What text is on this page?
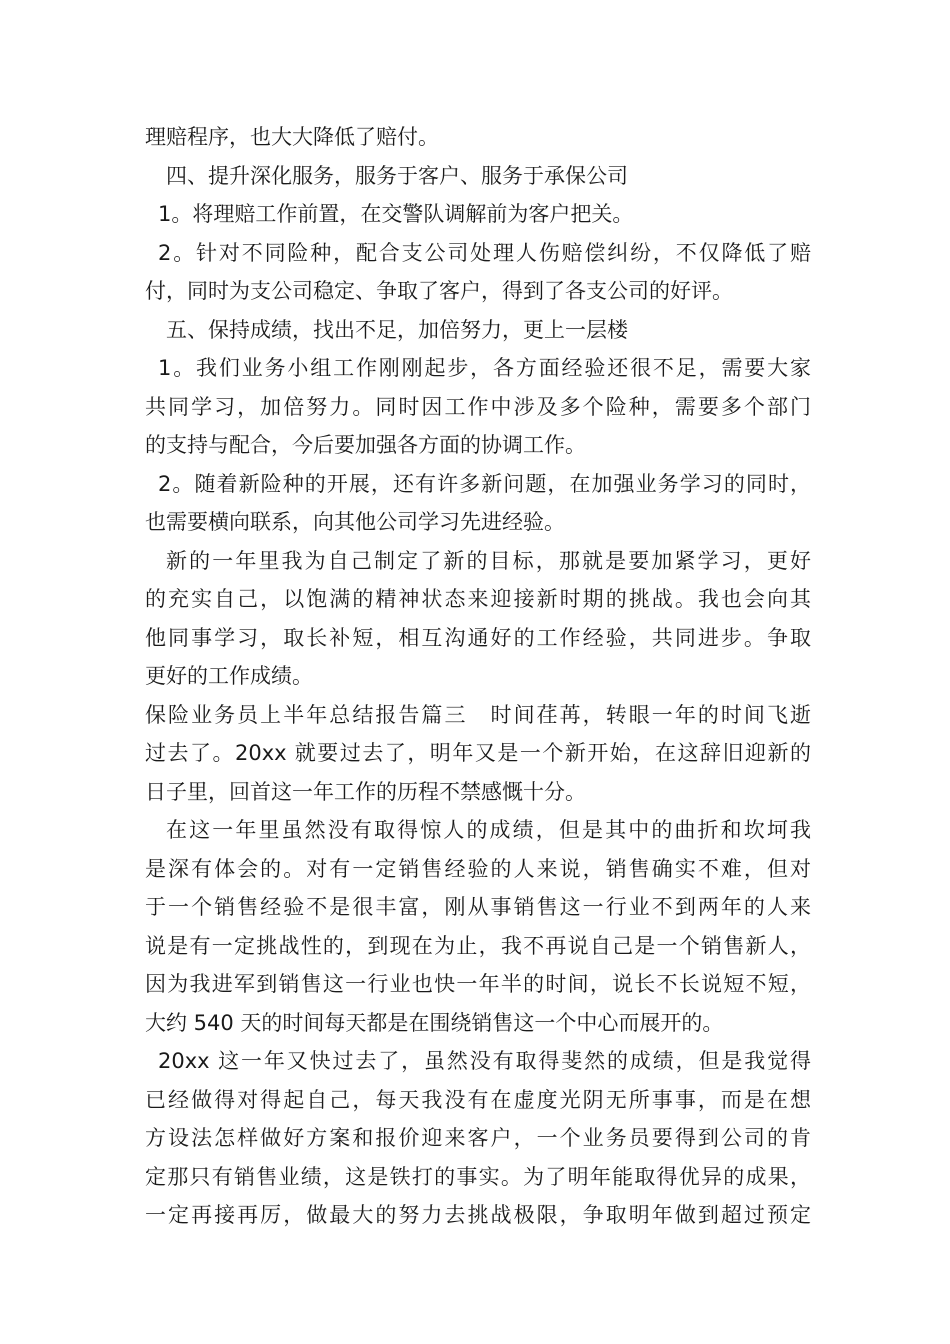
理赔程序，也大大降低了赔付。
四、提升深化服务，服务于客户、服务于承保公司
1。将理赔工作前置，在交警队调解前为客户把关。
2。针对不同险种，配合支公司处理人伤赔偿纠纷，不仅降低了赔
付，同时为支公司稳定、争取了客户，得到了各支公司的好评。
五、保持成绩，找出不足，加倍努力，更上一层楼
1。我们业务小组工作刚刚起步，各方面经验还很不足，需要大家
共同学习，加倍努力。同时因工作中涉及多个险种，需要多个部门
的支持与配合，今后要加强各方面的协调工作。
2。随着新险种的开展，还有许多新问题，在加强业务学习的同时，
也需要横向联系，向其他公司学习先进经验。
新的一年里我为自己制定了新的目标，那就是要加紧学习，更好
的充实自己，以饱满的精神状态来迎接新时期的挑战。我也会向其
他同事学习，取长补短，相互沟通好的工作经验，共同进步。争取
更好的工作成绩。
保险业务员上半年总结报告篇三　时间荏苒，转眼一年的时间飞逝
过去了。20xx 就要过去了，明年又是一个新开始，在这辞旧迎新的
日子里，回首这一年工作的历程不禁感慨十分。
在这一年里虽然没有取得惊人的成绩，但是其中的曲折和坎坷我
是深有体会的。对有一定销售经验的人来说，销售确实不难，但对
于一个销售经验不是很丰富，刚从事销售这一行业不到两年的人来
说是有一定挑战性的，到现在为止，我不再说自己是一个销售新人，
因为我进军到销售这一行业也快一年半的时间，说长不长说短不短，
大约 540 天的时间每天都是在围绕销售这一个中心而展开的。
20xx 这一年又快过去了，虽然没有取得斐然的成绩，但是我觉得
已经做得对得起自己，每天我没有在虚度光阴无所事事，而是在想
方设法怎样做好方案和报价迎来客户，一个业务员要得到公司的肯
定那只有销售业绩，这是铁打的事实。为了明年能取得优异的成果，
一定再接再厉，做最大的努力去挑战极限，争取明年做到超过预定
